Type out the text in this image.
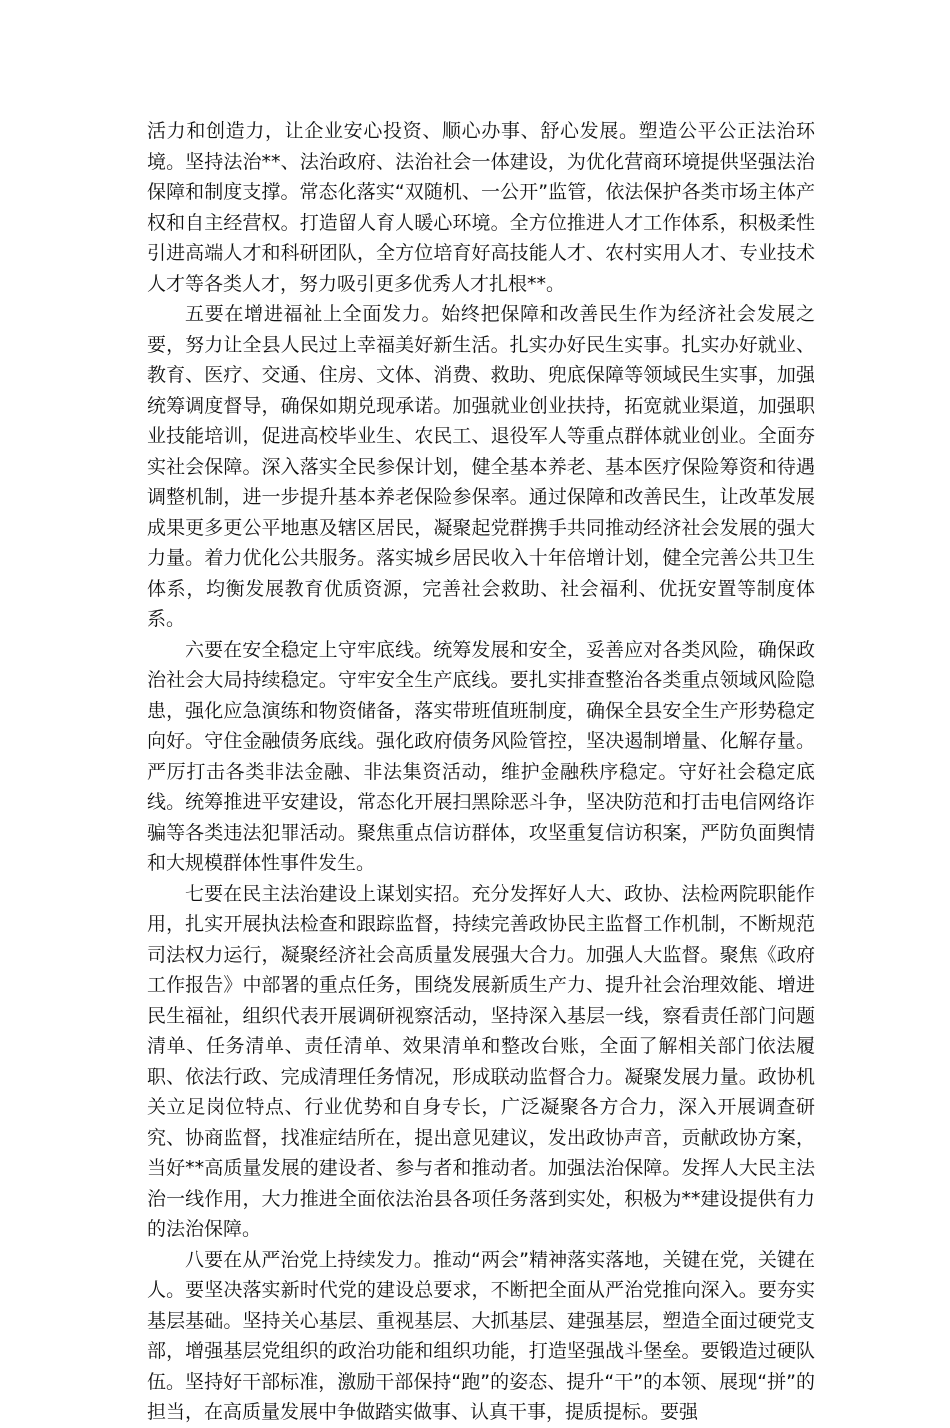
活力和创造力，让企业安心投资、顺心办事、舒心发展。塑造公平公正法治环境。坚持法治**、法治政府、法治社会一体建设，为优化营商环境提供坚强法治保障和制度支撑。常态化落实“双随机、一公开”监管，依法保护各类市场主体产权和自主经营权。打造留人育人暖心环境。全方位推进人才工作体系，积极柔性引进高端人才和科研团队，全方位培育好高技能人才、农村实用人才、专业技术人才等各类人才，努力吸引更多优秀人才扎根**。

五要在增进福祉上全面发力。始终把保障和改善民生作为经济社会发展之要，努力让全县人民过上幸福美好新生活。扎实办好民生实事。扎实办好就业、教育、医疗、交通、住房、文体、消费、救助、兜底保障等领域民生实事，加强统筹调度督导，确保如期兑现承诺。加强就业创业扶持，拓宽就业渠道，加强职业技能培训，促进高校毕业生、农民工、退役军人等重点群体就业创业。全面夯实社会保障。深入落实全民参保计划，健全基本养老、基本医疗保险筹资和待遇调整机制，进一步提升基本养老保险参保率。通过保障和改善民生，让改革发展成果更多更公平地惠及辖区居民，凝聚起党群携手共同推动经济社会发展的强大力量。着力优化公共服务。落实城乡居民收入十年倍增计划，健全完善公共卫生体系，均衡发展教育优质资源，完善社会救助、社会福利、优抚安置等制度体系。

六要在安全稳定上守牢底线。统筹发展和安全，妥善应对各类风险，确保政治社会大局持续稳定。守牢安全生产底线。要扎实排查整治各类重点领域风险隐患，强化应急演练和物资储备，落实带班值班制度，确保全县安全生产形势稳定向好。守住金融债务底线。强化政府债务风险管控，坚决遏制增量、化解存量。严厉打击各类非法金融、非法集资活动，维护金融秩序稳定。守好社会稳定底线。统筹推进平安建设，常态化开展扫黑除恶斗争，坚决防范和打击电信网络诈骗等各类违法犯罪活动。聚焦重点信访群体，攻坚重复信访积案，严防负面舆情和大规模群体性事件发生。

七要在民主法治建设上谋划实招。充分发挥好人大、政协、法检两院职能作用，扎实开展执法检查和跟踪监督，持续完善政协民主监督工作机制，不断规范司法权力运行，凝聚经济社会高质量发展强大合力。加强人大监督。聚焦《政府工作报告》中部署的重点任务，围绕发展新质生产力、提升社会治理效能、增进民生福祉，组织代表开展调研视察活动，坚持深入基层一线，察看责任部门问题清单、任务清单、责任清单、效果清单和整改台账，全面了解相关部门依法履职、依法行政、完成清理任务情况，形成联动监督合力。凝聚发展力量。政协机关立足岗位特点、行业优势和自身专长，广泛凝聚各方合力，深入开展调查研究、协商监督，找准症结所在，提出意见建议，发出政协声音，贡献政协方案，当好**高质量发展的建设者、参与者和推动者。加强法治保障。发挥人大民主法治一线作用，大力推进全面依法治县各项任务落到实处，积极为**建设提供有力的法治保障。

八要在从严治党上持续发力。推动“两会”精神落实落地，关键在党，关键在人。要坚决落实新时代党的建设总要求，不断把全面从严治党推向深入。要夯实基层基础。坚持关心基层、重视基层、大抓基层、建强基层，塑造全面过硬党支部，增强基层党组织的政治功能和组织功能，打造坚强战斗堡垒。要锻造过硬队伍。坚持好干部标准，激励干部保持“跑”的姿态、提升“干”的本领、展现“拼”的担当，在高质量发展中争做踏实做事、认真干事，提质提标。要强
